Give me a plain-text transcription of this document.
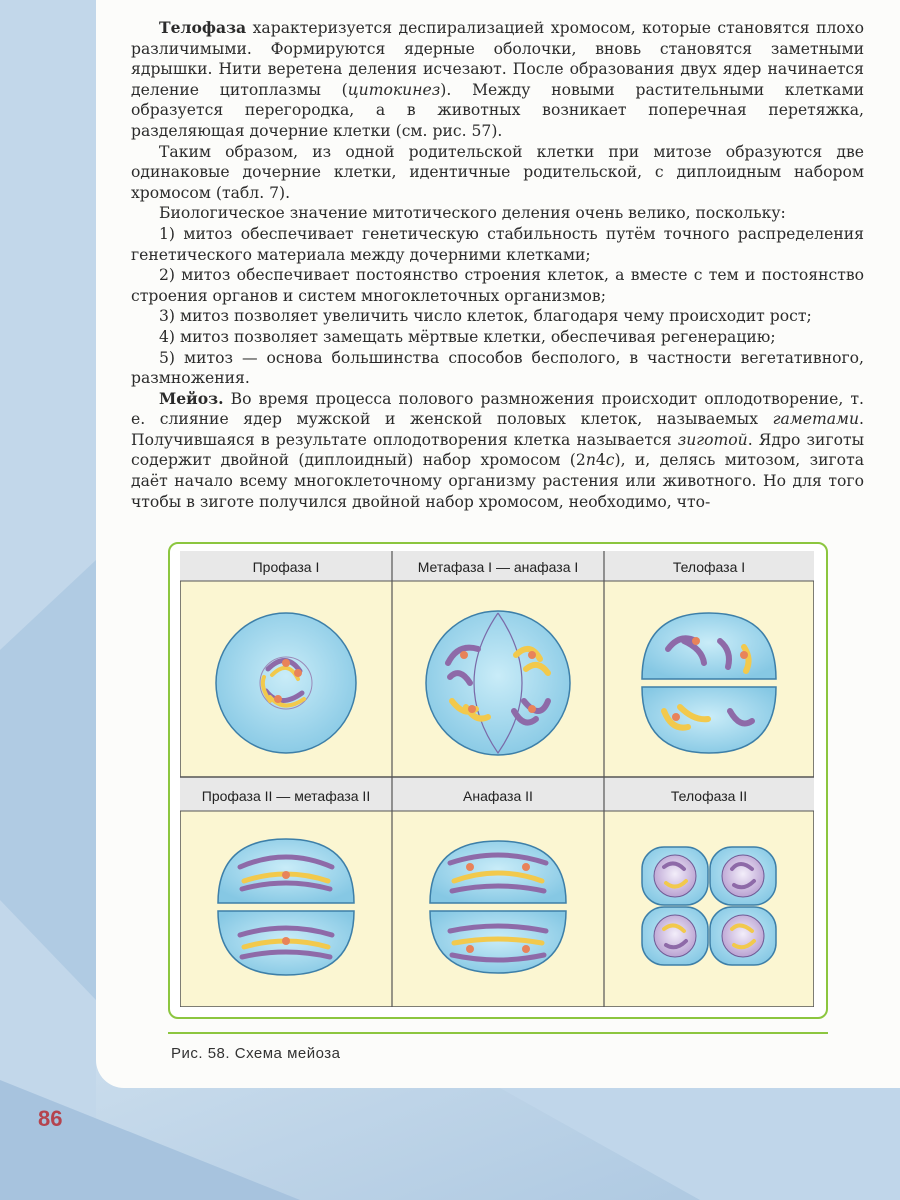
Телофаза характеризуется деспирализацией хромосом, которые становятся плохо различимыми. Формируются ядерные оболочки, вновь становятся заметными ядрышки. Нити веретена деления исчезают. После образования двух ядер начинается деление цитоплазмы (цитокинез). Между новыми растительными клетками образуется перегородка, а в животных возникает поперечная перетяжка, разделяющая дочерние клетки (см. рис. 57).

Таким образом, из одной родительской клетки при митозе образуются две одинаковые дочерние клетки, идентичные родительской, с диплоидным набором хромосом (табл. 7).

Биологическое значение митотического деления очень велико, поскольку:

1) митоз обеспечивает генетическую стабильность путём точного распределения генетического материала между дочерними клетками;

2) митоз обеспечивает постоянство строения клеток, а вместе с тем и постоянство строения органов и систем многоклеточных организмов;

3) митоз позволяет увеличить число клеток, благодаря чему происходит рост;

4) митоз позволяет замещать мёртвые клетки, обеспечивая регенерацию;

5) митоз — основа большинства способов бесполого, в частности вегетативного, размножения.

Мейоз. Во время процесса полового размножения происходит оплодотворение, т. е. слияние ядер мужской и женской половых клеток, называемых гаметами. Получившаяся в результате оплодотворения клетка называется зиготой. Ядро зиготы содержит двойной (диплоидный) набор хромосом (2n4c), и, делясь митозом, зигота даёт начало всему многоклеточному организму растения или животного. Но для того чтобы в зиготе получился двойной набор хромосом, необходимо, что-

Профаза I	Метафаза I — анафаза I	Телофаза I
Профаза II — метафаза II	Анафаза II	Телофаза II
Рис. 58. Схема мейоза
86
